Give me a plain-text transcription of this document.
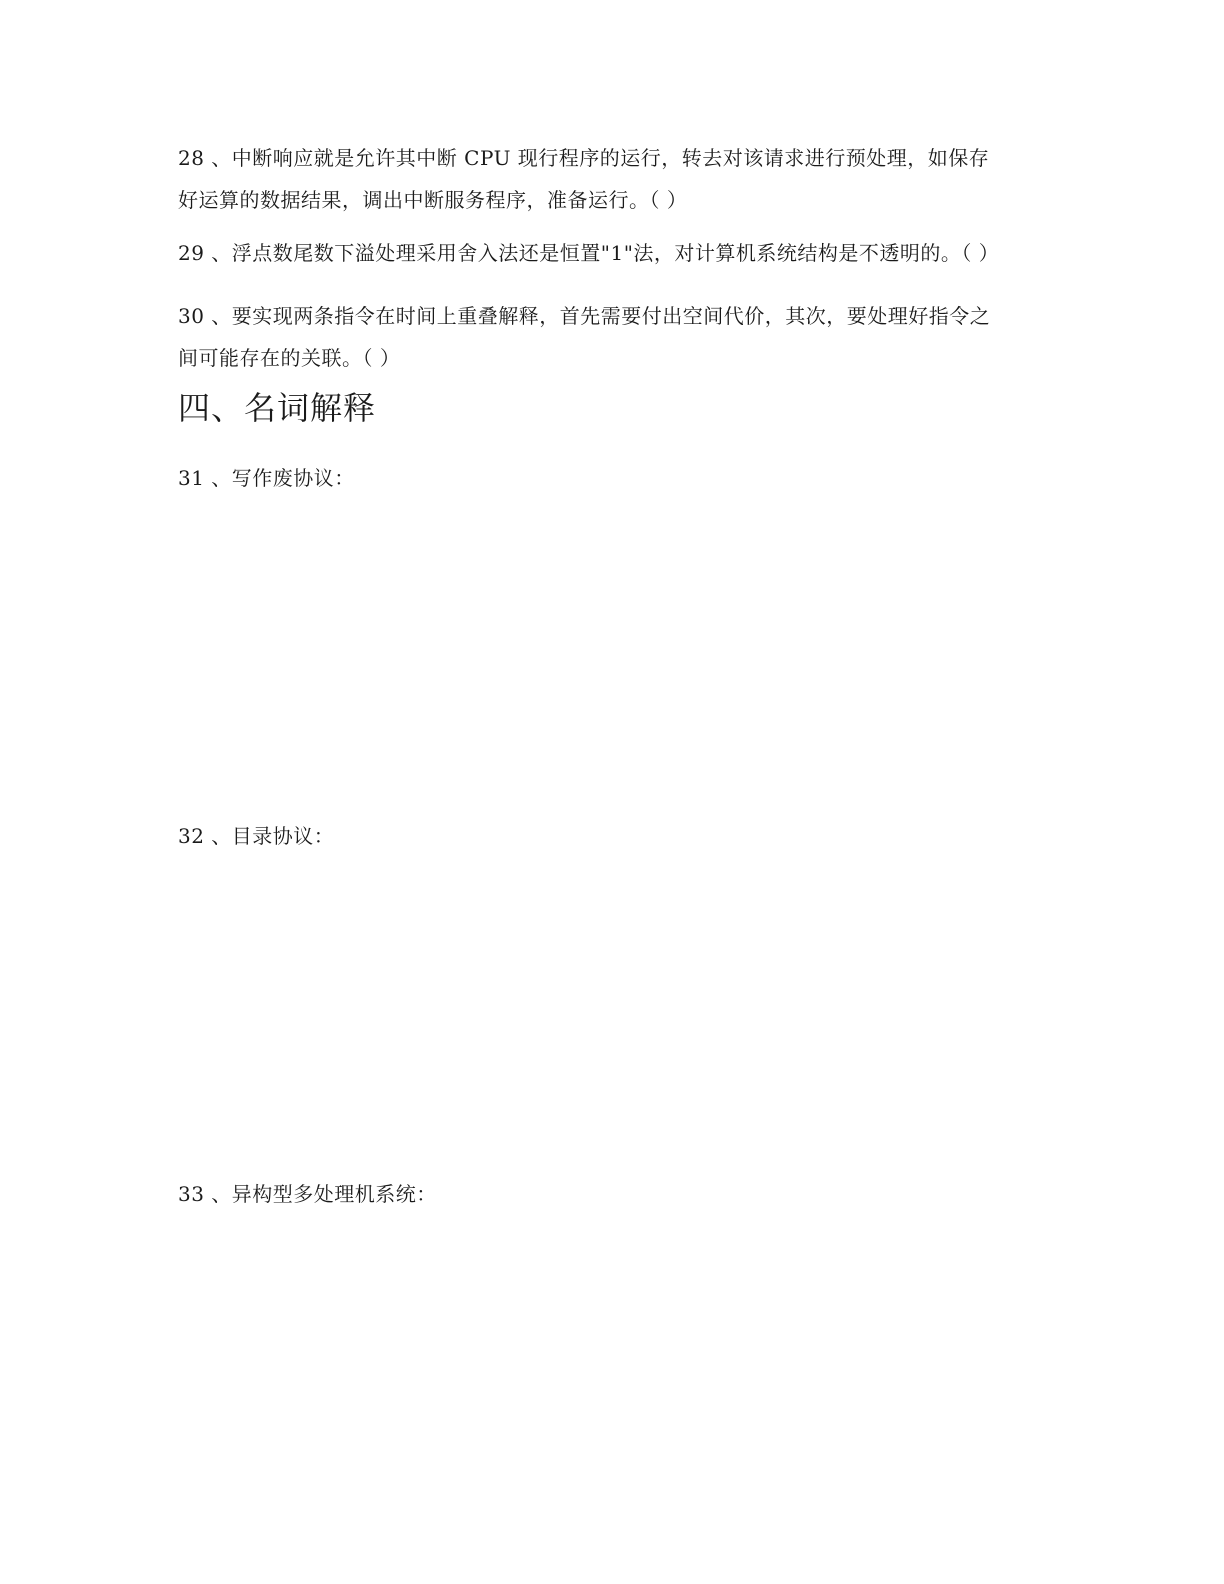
28 、中断响应就是允许其中断 CPU 现行程序的运行，转去对该请求进行预处理，如保存
好运算的数据结果，调出中断服务程序，准备运行。（ ）
29 、浮点数尾数下溢处理采用舍入法还是恒置"1"法，对计算机系统结构是不透明的。（ ）
30 、要实现两条指令在时间上重叠解释，首先需要付出空间代价，其次，要处理好指令之
间可能存在的关联。（ ）
四、名词解释
31 、写作废协议：
32 、目录协议：
33 、异构型多处理机系统：
